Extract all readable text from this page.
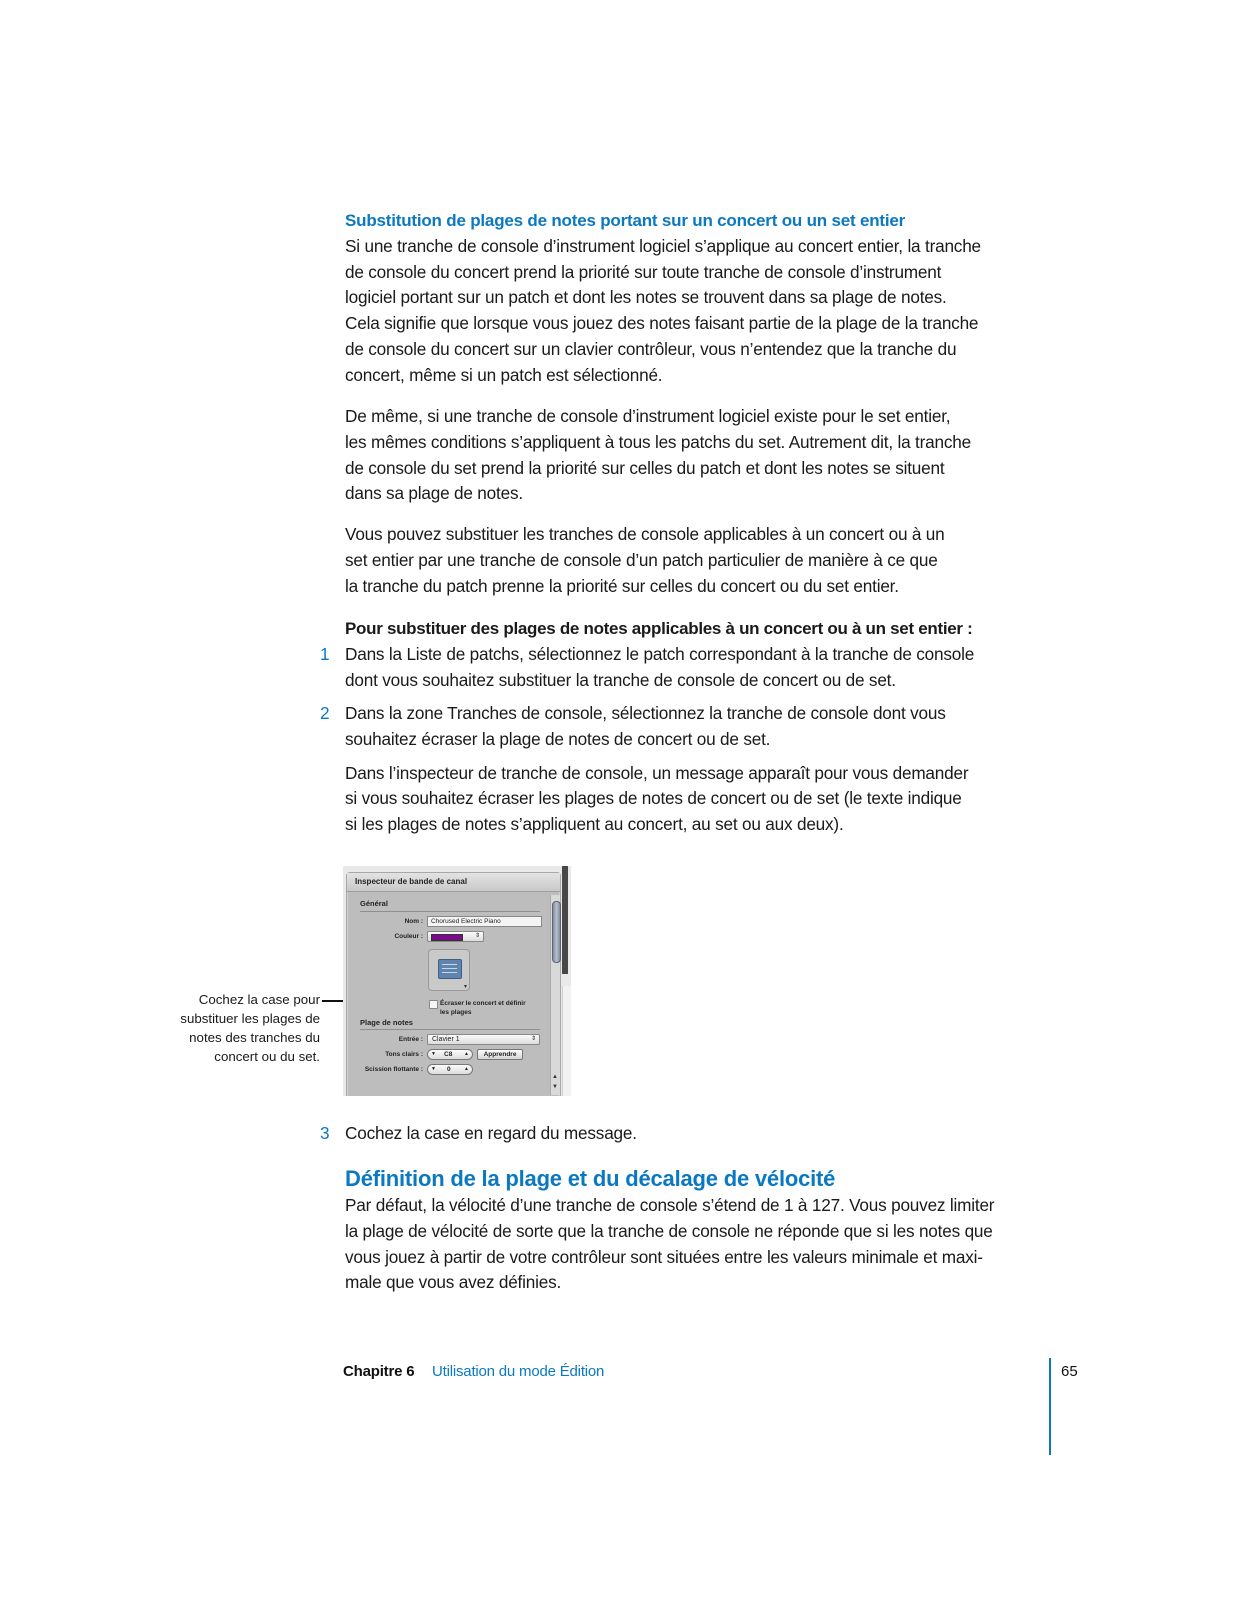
Substitution de plages de notes portant sur un concert ou un set entier

Si une tranche de console d’instrument logiciel s’applique au concert entier, la tranche

de console du concert prend la priorité sur toute tranche de console d’instrument

logiciel portant sur un patch et dont les notes se trouvent dans sa plage de notes.

Cela signifie que lorsque vous jouez des notes faisant partie de la plage de la tranche

de console du concert sur un clavier contrôleur, vous n’entendez que la tranche du

concert, même si un patch est sélectionné.

De même, si une tranche de console d’instrument logiciel existe pour le set entier,

les mêmes conditions s’appliquent à tous les patchs du set. Autrement dit, la tranche

de console du set prend la priorité sur celles du patch et dont les notes se situent

dans sa plage de notes.

Vous pouvez substituer les tranches de console applicables à un concert ou à un

set entier par une tranche de console d’un patch particulier de manière à ce que

la tranche du patch prenne la priorité sur celles du concert ou du set entier.

Pour substituer des plages de notes applicables à un concert ou à un set entier :

1 Dans la Liste de patchs, sélectionnez le patch correspondant à la tranche de console

dont vous souhaitez substituer la tranche de console de concert ou de set.

2 Dans la zone Tranches de console, sélectionnez la tranche de console dont vous

souhaitez écraser la plage de notes de concert ou de set.

Dans l’inspecteur de tranche de console, un message apparaît pour vous demander

si vous souhaitez écraser les plages de notes de concert ou de set (le texte indique

si les plages de notes s’appliquent au concert, au set ou aux deux).

Cochez la case pour
substituer les plages de
notes des tranches du
concert ou du set.
Inspecteur de bande de canal
Général
Nom :	Chorused Electric Piano
Couleur :	⇕
▾
Écraser le concert et définir
les plages
Plage de notes
Entrée : Clavier 1	⇕
Tons clairs : ▼ C8 ▲	Apprendre
Scission flottante : ▼ 0	▲
▲
▼
3 Cochez la case en regard du message.

Définition de la plage et du décalage de vélocité

Par défaut, la vélocité d’une tranche de console s’étend de 1 à 127. Vous pouvez limiter

la plage de vélocité de sorte que la tranche de console ne réponde que si les notes que

vous jouez à partir de votre contrôleur sont situées entre les valeurs minimale et maxi-

male que vous avez définies.

Chapitre 6 Utilisation du mode Édition	65
